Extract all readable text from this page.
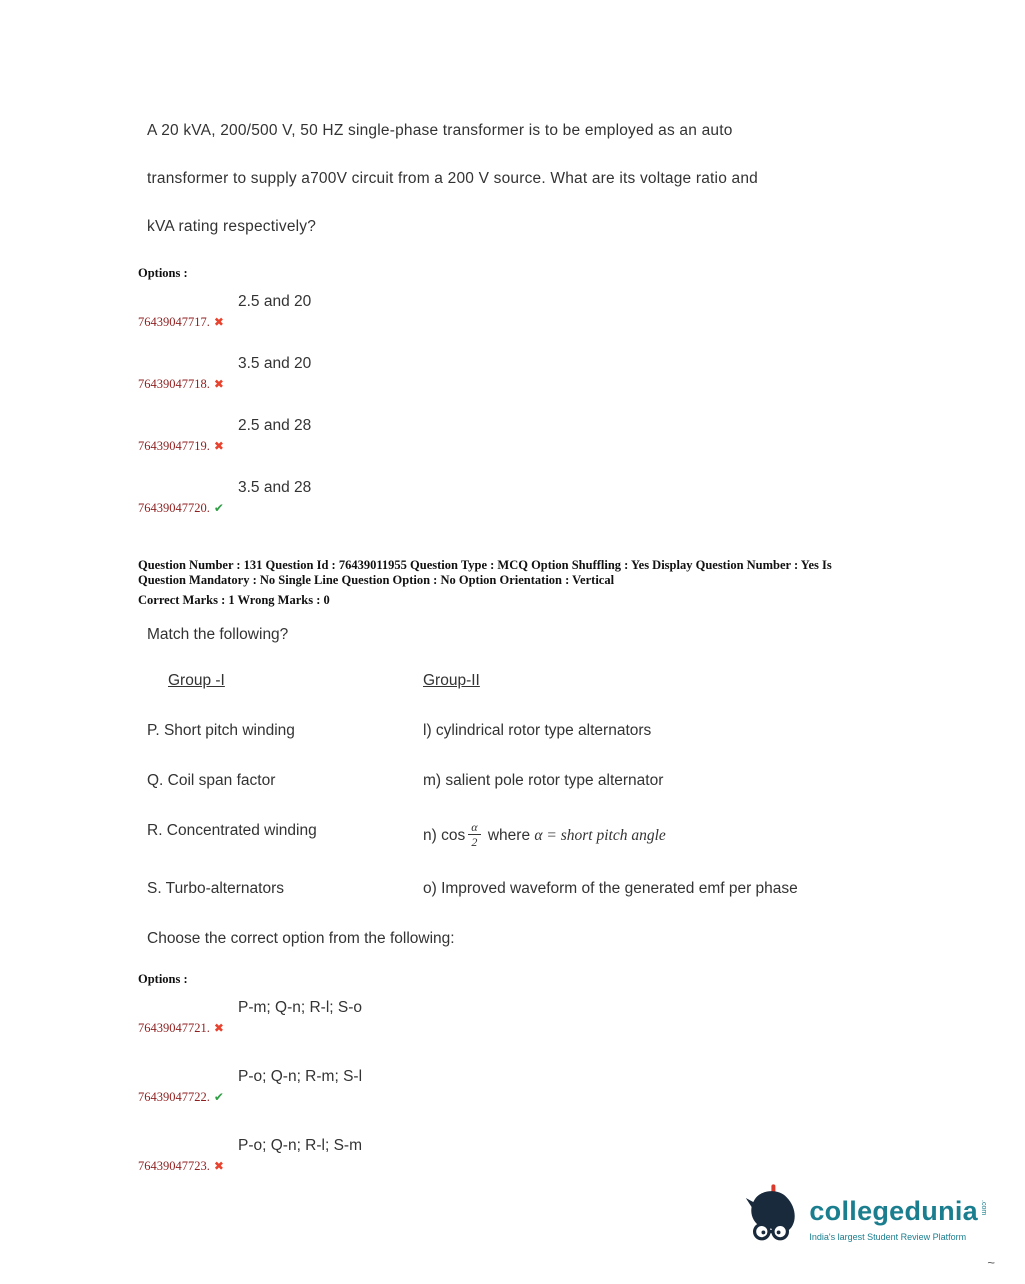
A 20 kVA, 200/500 V, 50 HZ single-phase transformer is to be employed as an auto

transformer to supply a700V circuit from a 200 V source. What are its voltage ratio and

kVA rating respectively?

Options :
2.5 and 20
76439047717. ✖
3.5 and 20
76439047718. ✖
2.5 and 28
76439047719. ✖
3.5 and 28
76439047720. ✔
Question Number : 131 Question Id : 76439011955 Question Type : MCQ Option Shuffling : Yes Display Question Number : Yes Is
Question Mandatory : No Single Line Question Option : No Option Orientation : Vertical
Correct Marks : 1 Wrong Marks : 0

Match the following?

Group -I	Group-II
P. Short pitch winding	l) cylindrical rotor type alternators
Q. Coil span factor	m) salient pole rotor type alternator
R. Concentrated winding	n) $\cos \frac{\alpha}{2}$ where α = short pitch angle
S. Turbo-alternators	o) Improved waveform of the generated emf per phase

Choose the correct option from the following:

Options :
P-m; Q-n; R-l; S-o
76439047721. ✖
P-o; Q-n; R-m; S-l
76439047722. ✔
P-o; Q-n; R-l; S-m
76439047723. ✖
collegedunia .com
India's largest Student Review Platform
~
